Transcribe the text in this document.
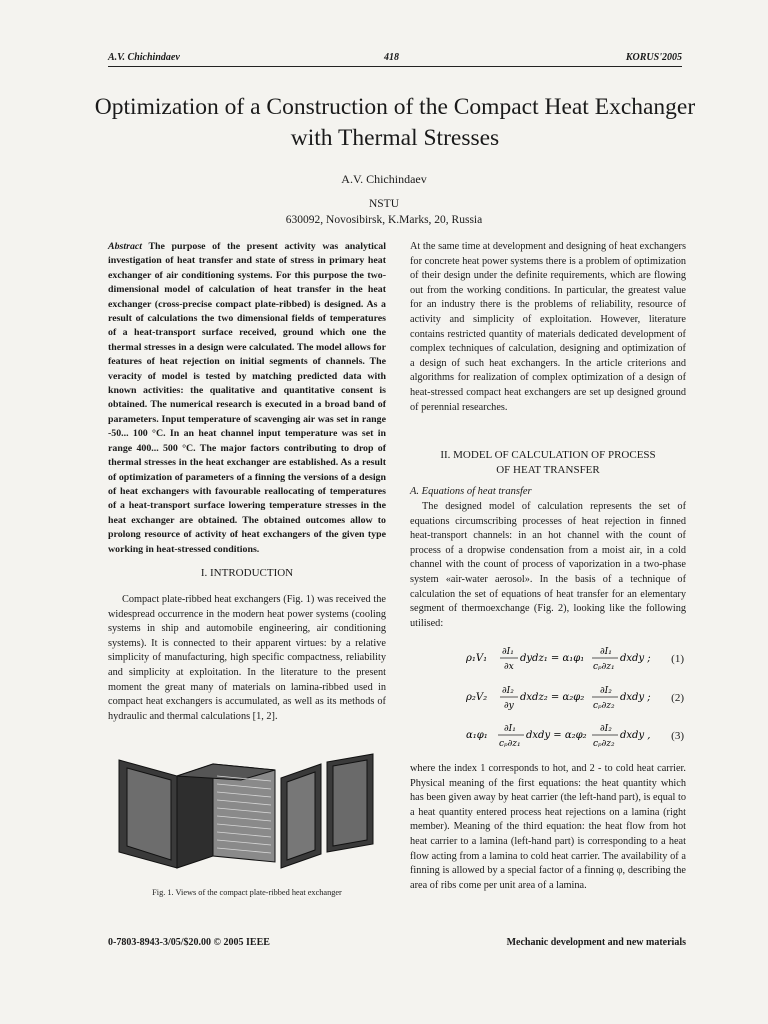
A.V. Chichindaev	418	KORUS'2005
Optimization of a Construction of the Compact Heat Exchanger with Thermal Stresses
A.V. Chichindaev
NSTU
630092, Novosibirsk, K.Marks, 20, Russia
Abstract The purpose of the present activity was analytical investigation of heat transfer and state of stress in primary heat exchanger of air conditioning systems. For this purpose the two-dimensional model of calculation of heat transfer in the heat exchanger (cross-precise compact plate-ribbed) is designed. As a result of calculations the two dimensional fields of temperatures of a heat-transport surface received, ground which one the thermal stresses in a design were calculated. The model allows for features of heat rejection on initial segments of channels. The veracity of model is tested by matching predicted data with known activities: the qualitative and quantitative consent is obtained. The numerical research is executed in a broad band of parameters. Input temperature of scavenging air was set in range -50... 100 °C. In an heat channel input temperature was set in range 400... 500 °C. The major factors contributing to drop of thermal stresses in the heat exchanger are established. As a result of optimization of parameters of a finning the versions of a design of heat exchangers with favourable reallocating of temperatures of a heat-transport surface lowering temperature stresses in the heat exchanger are obtained. The obtained outcomes allow to prolong resource of activity of heat exchangers of the given type working in heat-stressed conditions.
I. INTRODUCTION
Compact plate-ribbed heat exchangers (Fig. 1) was received the widespread occurrence in the modern heat power systems (cooling systems in ship and automobile engineering, air conditioning systems). It is connected to their apparent virtues: by a relative simplicity of manufacturing, high specific compactness, reliability and simplicity at exploitation. In the literature to the present moment the great many of materials on lamina-ribbed used in compact heat exchangers is accumulated, as well as its methods of hydraulic and thermal calculations [1, 2].
Fig. 1. Views of the compact plate-ribbed heat exchanger
At the same time at development and designing of heat exchangers for concrete heat power systems there is a problem of optimization of their design under the definite requirements, which are flowing out from the working conditions. In particular, the greatest value for an industry there is the problems of reliability, resource of activity and simplicity of exploitation. However, literature contains restricted quantity of materials dedicated development of complex techniques of calculation, designing and optimization of a design of such heat exchangers. In the article criterions and algorithms for realization of complex optimization of a design of heat-stressed compact heat exchangers are set up designed ground of perennial researches.
II. MODEL OF CALCULATION OF PROCESS
OF HEAT TRANSFER
A. Equations of heat transfer
The designed model of calculation represents the set of equations circumscribing processes of heat rejection in finned heat-transport channels: in an hot channel with the count of process of a dropwise condensation from a moist air, in a cold channel with the count of process of vaporization in a two-phase system «air-water aerosol». In the basis of a technique of calculation the set of equations of heat transfer for an elementary segment of thermoexchange (Fig. 2), looking like the following utilised:
ρ₁V₁
∂I₁
∂x
dydz₁ = α₁φ₁
∂I₁
cₚ∂z₁
dxdy ; (1)
ρ₂V₂
∂I₂
∂y
dxdz₂ = α₂φ₂
∂I₂
cₚ∂z₂
dxdy ; (2)
α₁φ₁
∂I₁
cₚ∂z₁
dxdy = α₂φ₂
∂I₂
cₚ∂z₂
dxdy , (3)
where the index 1 corresponds to hot, and 2 - to cold heat carrier. Physical meaning of the first equations: the heat quantity which has been given away by heat carrier (the left-hand part), is equal to a heat quantity entered process heat rejections on a lamina (right member). Meaning of the third equation: the heat flow from hot heat carrier to a lamina (left-hand part) is corresponding to a heat flow acting from a lamina to cold heat carrier. The availability of a finning is allowed by a special factor of a finning φ, describing the area of ribs come per unit area of a lamina.
0-7803-8943-3/05/$20.00 © 2005 IEEE	Mechanic development and new materials
